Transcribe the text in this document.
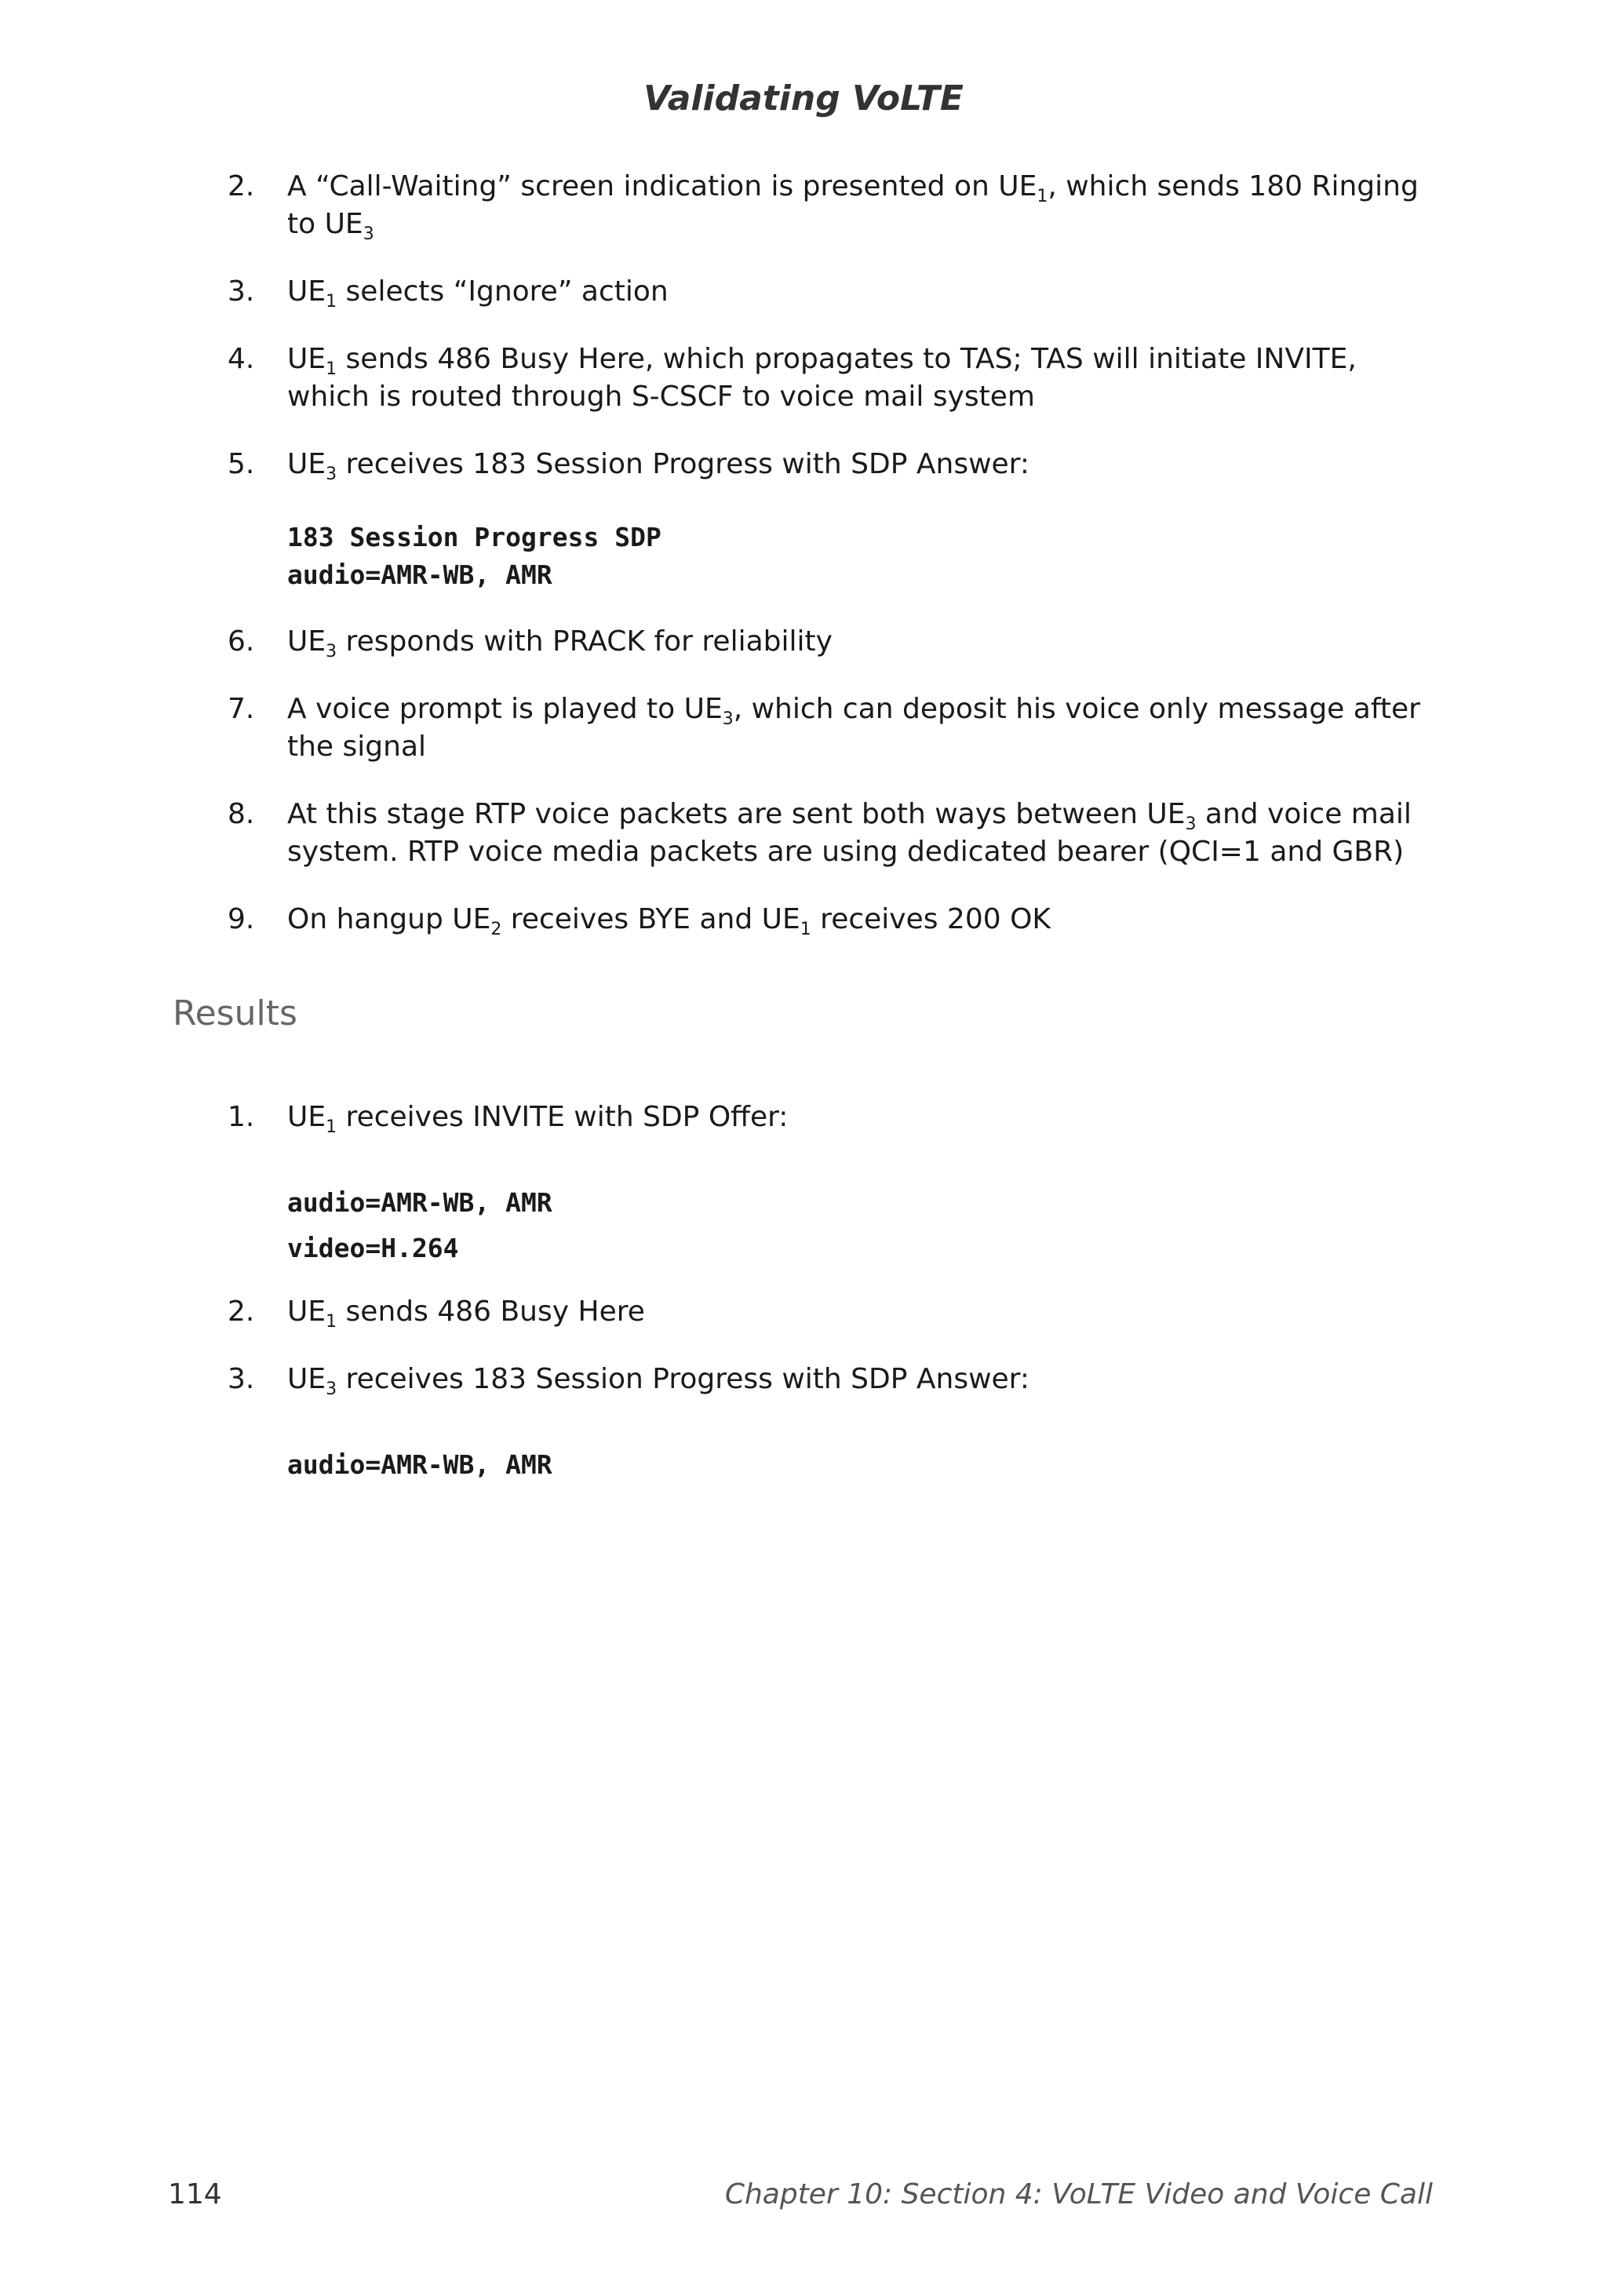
Validating VoLTE
2. A “Call-Waiting” screen indication is presented on $UE_1$, which sends 180 Ringing to $UE_3$
3. $UE_1$ selects “Ignore” action
4. $UE_1$ sends 486 Busy Here, which propagates to TAS; TAS will initiate INVITE, which is routed through S-CSCF to voice mail system
5. $UE_3$ receives 183 Session Progress with SDP Answer:
183 Session Progress SDP
audio=AMR-WB, AMR
6. $UE_3$ responds with PRACK for reliability
7. A voice prompt is played to $UE_3$, which can deposit his voice only message after the signal
8. At this stage RTP voice packets are sent both ways between $UE_3$ and voice mail system. RTP voice media packets are using dedicated bearer (QCI=1 and GBR)
9. On hangup $UE_2$ receives BYE and $UE_1$ receives 200 OK
Results
1. $UE_1$ receives INVITE with SDP Offer:
audio=AMR-WB, AMR
video=H.264
2. $UE_1$ sends 486 Busy Here
3. $UE_3$ receives 183 Session Progress with SDP Answer:
audio=AMR-WB, AMR
114	Chapter 10: Section 4: VoLTE Video and Voice Call
